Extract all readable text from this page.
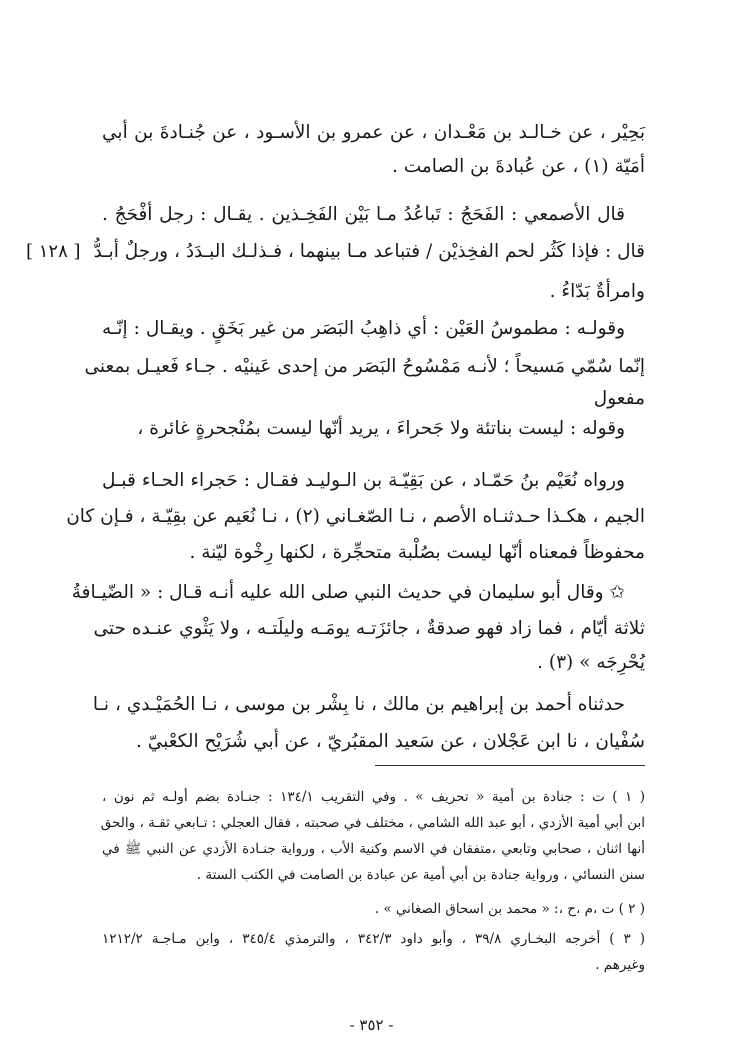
بَحِيْر ، عن خـالـد بن مَعْـدان ، عن عمرو بن الأسـود ، عن جُنـادةَ بن أبي
أمَيّة (١) ، عن عُبادةَ بن الصامت .
قال الأصمعي : الفَحَجُ : تَباعُدُ مـا بَيْن الفَخِـذين . يقـال : رجل أفْحَجُ .
قال : فإذا كَثُر لحم الفخِذيْن / فتباعد مـا بينهما ، فـذلـك البـدَدُ ، ورجلٌ أبـدُّ
[ ١٢٨ ]
وامرأةٌ بَدّاءُ .
وقولـه : مطموسُ العَيْن : أي ذاهِبُ البَصَر من غير بَخَقٍ . ويقـال : إنّـه
إنّما سُمّي مَسيحاً ؛ لأنـه مَمْسُوحُ البَصَر من إحدى عَينيْه . جـاء فَعيـل بمعنى
مفعول
وقوله : ليست بناتئة ولا جَحراءَ ، يريد أنّها ليست بمُنْجحرةٍ غائرة ،
ورواه نُعَيْم بنُ حَمّـاد ، عن بَقِيّـة بن الـوليـد فقـال : حَجراء الحـاء قبـل
الجيم ، هكـذا حـدثنـاه الأصم ، نـا الصّغـاني (٢) ، نـا نُعَيم عن بقِيّـة ، فـإن كان
محفوظاً فمعناه أنّها ليست بصُلْبة متحجِّرة ، لكنها رِخْوة ليّنة .
✩ وقال أبو سليمان في حديث النبي صلى الله عليه أنـه قـال : « الضّيـافةُ
ثلاثة أيّام ، فما زاد فهو صدقةٌ ، جائزَتـه يومَـه وليلَتـه ، ولا يَثْوي عنـده حتى
يُحْرِجَه » (٣) .
حدثناه أحمد بن إبراهيم بن مالك ، نا بِشْر بن موسى ، نـا الحُمَيْـدي ، نـا
سُفْيان ، نا ابن عَجْلان ، عن سَعيد المقبُريّ ، عن أبي شُرَيْح الكعْبيّ .
( ١ ) ت : جنادة بن أمية « تحريف » . وفي التقريب ١٣٤/١ : جنـادة بضم أولـه ثم نون ،
ابن أبي أمية الأزدي ، أبو عبد الله الشامي ، مختلف في صحبته ، فقال العجلي : تـابعي ثقـة ، والحق
أنها اثنان ، صحابي وتابعي ،متفقان في الاسم وكنية الأب ، ورواية جنـادة الأزدي عن النبي ﷺ في
سنن النسائي ، ورواية جنادة بن أبي أمية عن عبادة بن الصامت في الكتب الستة .
( ٢ ) ت ،م ،ح ،: « محمد بن اسحاق الصغاني » .
( ٣ ) أخرجه البخـاري ٣٩/٨ ، وأبو داود ٣٤٢/٣ ، والترمذي ٣٤٥/٤ ، وابن مـاجـة ١٢١٢/٢
وغيرهم .
- ٣٥٢ -
